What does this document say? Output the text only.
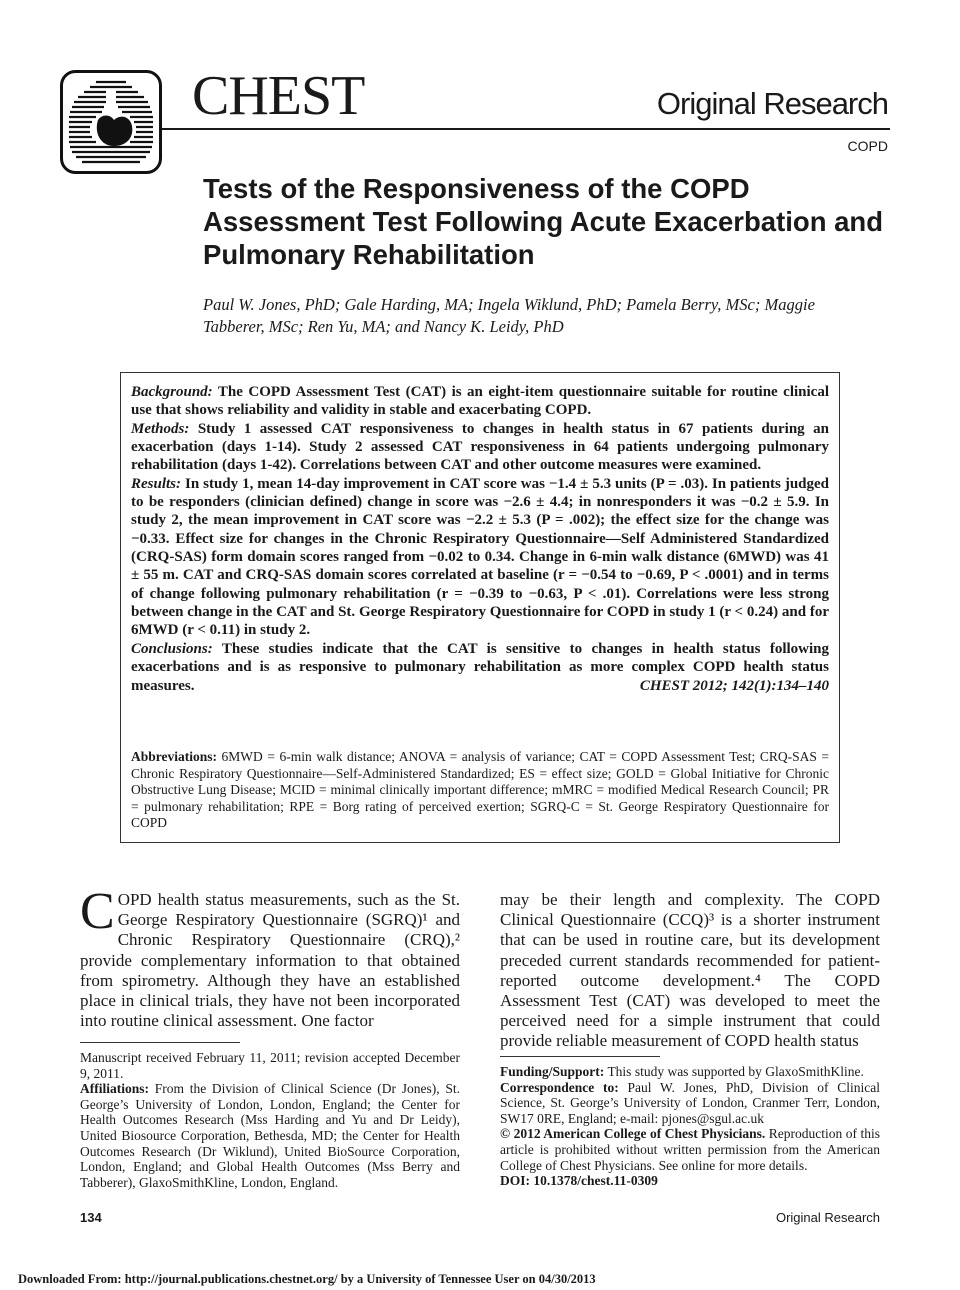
CHEST	Original Research
COPD
Tests of the Responsiveness of the COPD Assessment Test Following Acute Exacerbation and Pulmonary Rehabilitation
Paul W. Jones, PhD; Gale Harding, MA; Ingela Wiklund, PhD; Pamela Berry, MSc; Maggie Tabberer, MSc; Ren Yu, MA; and Nancy K. Leidy, PhD

Background: The COPD Assessment Test (CAT) is an eight-item questionnaire suitable for routine clinical use that shows reliability and validity in stable and exacerbating COPD.

Methods: Study 1 assessed CAT responsiveness to changes in health status in 67 patients during an exacerbation (days 1-14). Study 2 assessed CAT responsiveness in 64 patients undergoing pulmonary rehabilitation (days 1-42). Correlations between CAT and other outcome measures were examined.

Results: In study 1, mean 14-day improvement in CAT score was −1.4 ± 5.3 units (P = .03). In patients judged to be responders (clinician defined) change in score was −2.6 ± 4.4; in nonresponders it was −0.2 ± 5.9. In study 2, the mean improvement in CAT score was −2.2 ± 5.3 (P = .002); the effect size for the change was −0.33. Effect size for changes in the Chronic Respiratory Questionnaire—Self Administered Standardized (CRQ-SAS) form domain scores ranged from −0.02 to 0.34. Change in 6-min walk distance (6MWD) was 41 ± 55 m. CAT and CRQ-SAS domain scores correlated at baseline (r = −0.54 to −0.69, P < .0001) and in terms of change following pulmonary rehabilitation (r = −0.39 to −0.63, P < .01). Correlations were less strong between change in the CAT and St. George Respiratory Questionnaire for COPD in study 1 (r < 0.24) and for 6MWD (r < 0.11) in study 2.

Conclusions: These studies indicate that the CAT is sensitive to changes in health status following exacerbations and is as responsive to pulmonary rehabilitation as more complex COPD health status measures.	CHEST 2012; 142(1):134–140

Abbreviations: 6MWD = 6-min walk distance; ANOVA = analysis of variance; CAT = COPD Assessment Test; CRQ-SAS = Chronic Respiratory Questionnaire—Self-Administered Standardized; ES = effect size; GOLD = Global Initiative for Chronic Obstructive Lung Disease; MCID = minimal clinically important difference; mMRC = modified Medical Research Council; PR = pulmonary rehabilitation; RPE = Borg rating of perceived exertion; SGRQ-C = St. George Respiratory Questionnaire for COPD
COPD health status measurements, such as the St. George Respiratory Questionnaire (SGRQ)¹ and Chronic Respiratory Questionnaire (CRQ),² provide complementary information to that obtained from spirometry. Although they have an established place in clinical trials, they have not been incorporated into routine clinical assessment. One factor
may be their length and complexity. The COPD Clinical Questionnaire (CCQ)³ is a shorter instrument that can be used in routine care, but its development preceded current standards recommended for patient-reported outcome development.⁴ The COPD Assessment Test (CAT) was developed to meet the perceived need for a simple instrument that could provide reliable measurement of COPD health status
Manuscript received February 11, 2011; revision accepted December 9, 2011.
Affiliations: From the Division of Clinical Science (Dr Jones), St. George’s University of London, London, England; the Center for Health Outcomes Research (Mss Harding and Yu and Dr Leidy), United Biosource Corporation, Bethesda, MD; the Center for Health Outcomes Research (Dr Wiklund), United BioSource Corporation, London, England; and Global Health Outcomes (Mss Berry and Tabberer), GlaxoSmithKline, London, England.
Funding/Support: This study was supported by GlaxoSmithKline.
Correspondence to: Paul W. Jones, PhD, Division of Clinical Science, St. George’s University of London, Cranmer Terr, London, SW17 0RE, England; e-mail: pjones@sgul.ac.uk
© 2012 American College of Chest Physicians. Reproduction of this article is prohibited without written permission from the American College of Chest Physicians. See online for more details.
DOI: 10.1378/chest.11-0309
134	Original Research
Downloaded From: http://journal.publications.chestnet.org/ by a University of Tennessee User on 04/30/2013
